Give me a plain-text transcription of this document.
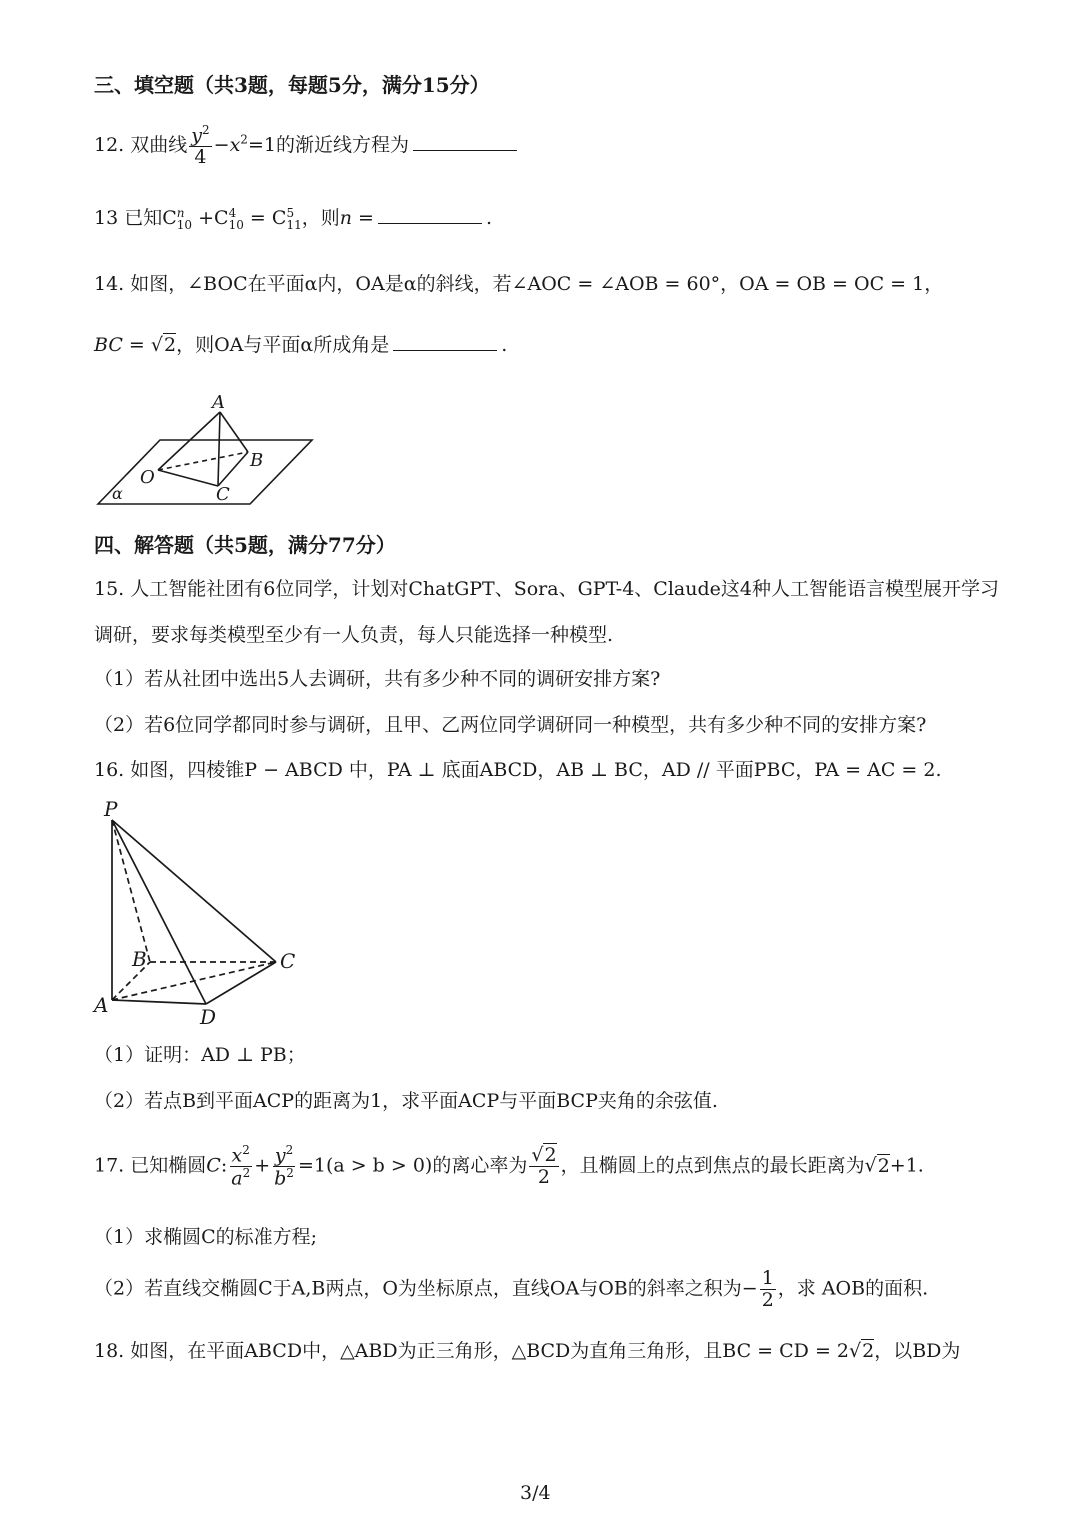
三、填空题（共3题，每题5分，满分15分）
12. 双曲线 $\frac{y^2}{4} -x^2=1$的渐近线方程为
13 已知C n
10 +C 4
10 = C 5
11 ，则n =	.
14. 如图，∠BOC在平面α内，OA是α的斜线，若∠AOC = ∠AOB = 60°，OA = OB = OC = 1，
BC = √2，则OA与平面α所成角是	.
A
B
C
O
α
四、解答题（共5题，满分77分）
15. 人工智能社团有6位同学，计划对ChatGPT、Sora、GPT-4、Claude这4种人工智能语言模型展开学习
调研，要求每类模型至少有一人负责，每人只能选择一种模型.
（1）若从社团中选出5人去调研，共有多少种不同的调研安排方案?
（2）若6位同学都同时参与调研，且甲、乙两位同学调研同一种模型，共有多少种不同的安排方案?
16. 如图，四棱锥P − ABCD 中，PA ⊥ 底面ABCD，AB ⊥ BC，AD // 平面PBC，PA = AC = 2.
P
A
B	C
D
（1）证明：AD ⊥ PB；
（2）若点B到平面ACP的距离为1，求平面ACP与平面BCP夹角的余弦值.
17. 已知椭圆C: $\frac{x^2}{a^2} + \frac{y^2}{b^2} =1(a > b > 0)$的离心率为 $\frac{√2}{2}$ ，且椭圆上的点到焦点的最长距离为√2+1.
（1）求椭圆C的标准方程;
（2）若直线交椭圆C于A,B两点，O为坐标原点，直线OA与OB的斜率之积为− $\frac{1}{2}$ ，求 AOB的面积.
18. 如图，在平面ABCD中，△ABD为正三角形，△BCD为直角三角形，且BC = CD = 2√2，以BD为
3/4
